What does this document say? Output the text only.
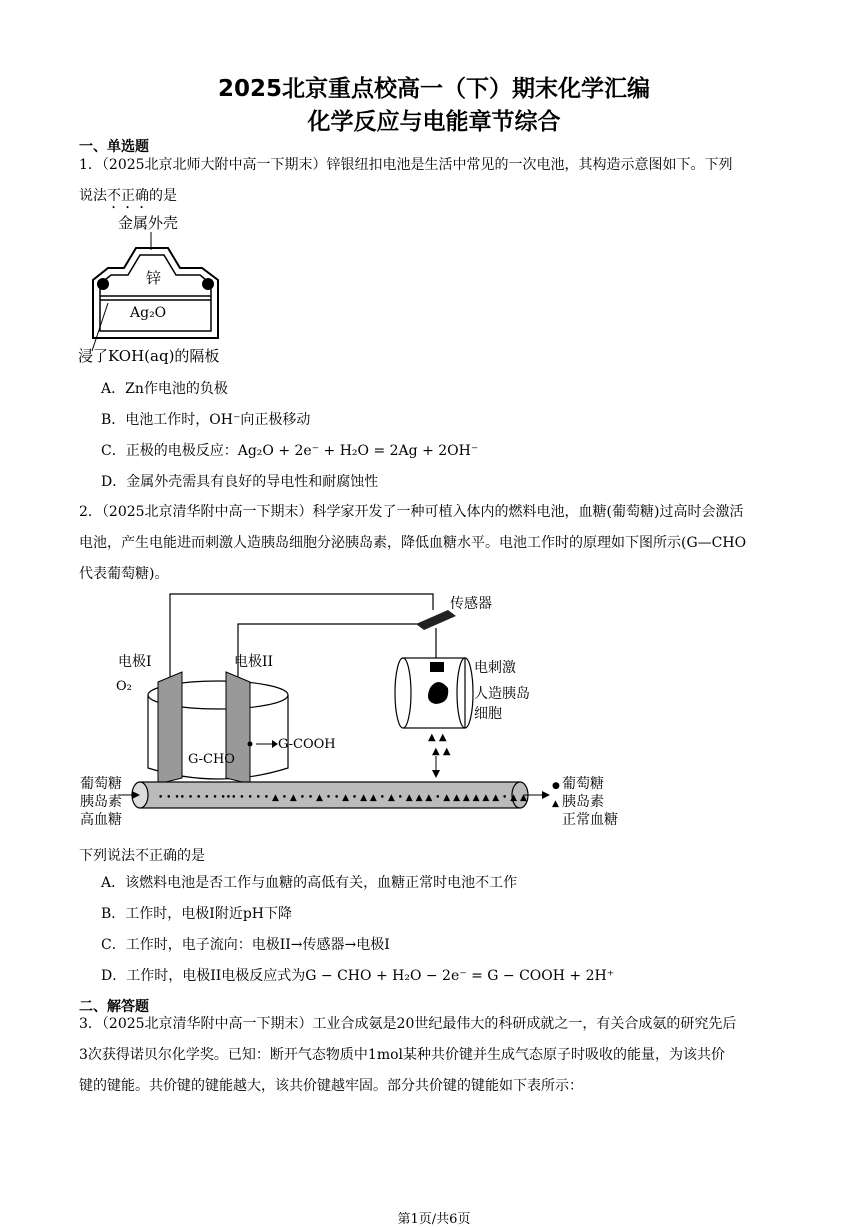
2025北京重点校高一（下）期末化学汇编
化学反应与电能章节综合
一、单选题
1．（2025北京北师大附中高一下期末）锌银纽扣电池是生活中常见的一次电池，其构造示意图如下。下列
说法不正确的是
金属外壳
锌
Ag₂O
浸了KOH(aq)的隔板
A．Zn作电池的负极
B．电池工作时，OH⁻向正极移动
C．正极的电极反应：Ag₂O + 2e⁻ + H₂O = 2Ag + 2OH⁻
D．金属外壳需具有良好的导电性和耐腐蚀性
2．（2025北京清华附中高一下期末）科学家开发了一种可植入体内的燃料电池，血糖(葡萄糖)过高时会激活
电池，产生电能进而刺激人造胰岛细胞分泌胰岛素，降低血糖水平。电池工作时的原理如下图所示(G—CHO
代表葡萄糖)。
传感器
电刺激
人造胰岛
细胞
▲ ▲
▲ ▲
电极I	电极II
O₂
G-CHO
G-COOH
• • •• • • • • ••• • • • • ▲ • ▲ • • ▲ • • ▲ • ▲ ▲ • ▲ • ▲ ▲ ▲ • ▲ ▲ ▲ ▲ ▲ ▲ • ▲ ▲
葡萄糖
胰岛素
高血糖
●
▲
葡萄糖
胰岛素
正常血糖
下列说法不正确的是
A．该燃料电池是否工作与血糖的高低有关，血糖正常时电池不工作
B．工作时，电极I附近pH下降
C．工作时，电子流向：电极II→传感器→电极I
D．工作时，电极II电极反应式为G − CHO + H₂O − 2e⁻ = G − COOH + 2H⁺
二、解答题
3．（2025北京清华附中高一下期末）工业合成氨是20世纪最伟大的科研成就之一，有关合成氨的研究先后
3次获得诺贝尔化学奖。已知：断开气态物质中1mol某种共价键并生成气态原子时吸收的能量，为该共价
键的键能。共价键的键能越大，该共价键越牢固。部分共价键的键能如下表所示：
第1页/共6页
